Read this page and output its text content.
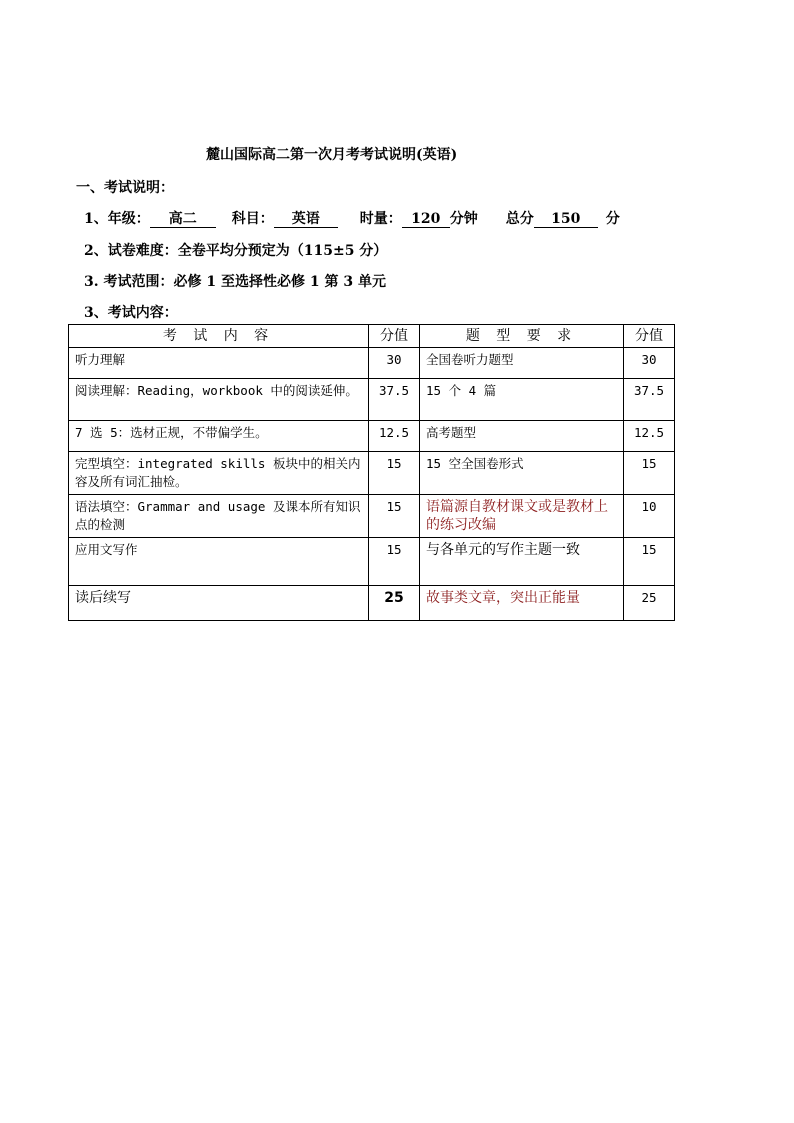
麓山国际高二第一次月考考试说明(英语)
一、考试说明：
1、年级： 高二	科目： 英语	时量： 120 分钟 总分 150 分
2、试卷难度：全卷平均分预定为（115±5 分）
3. 考试范围：必修 1 至选择性必修 1 第 3 单元
3、考试内容：
考 试 内 容	分值	题 型 要 求	分值
听力理解	30	全国卷听力题型	30
阅读理解：Reading，workbook 中的阅读延伸。	37.5	15 个 4 篇	37.5
7 选 5：选材正规，不带偏学生。	12.5	高考题型	12.5
完型填空：integrated skills 板块中的相关内容及所有词汇抽检。	15	15 空全国卷形式	15
语法填空：Grammar and usage 及课本所有知识点的检测	15	语篇源自教材课文或是教材上的练习改编	10
应用文写作	15	与各单元的写作主题一致	15
读后续写	25	故事类文章，突出正能量	25
